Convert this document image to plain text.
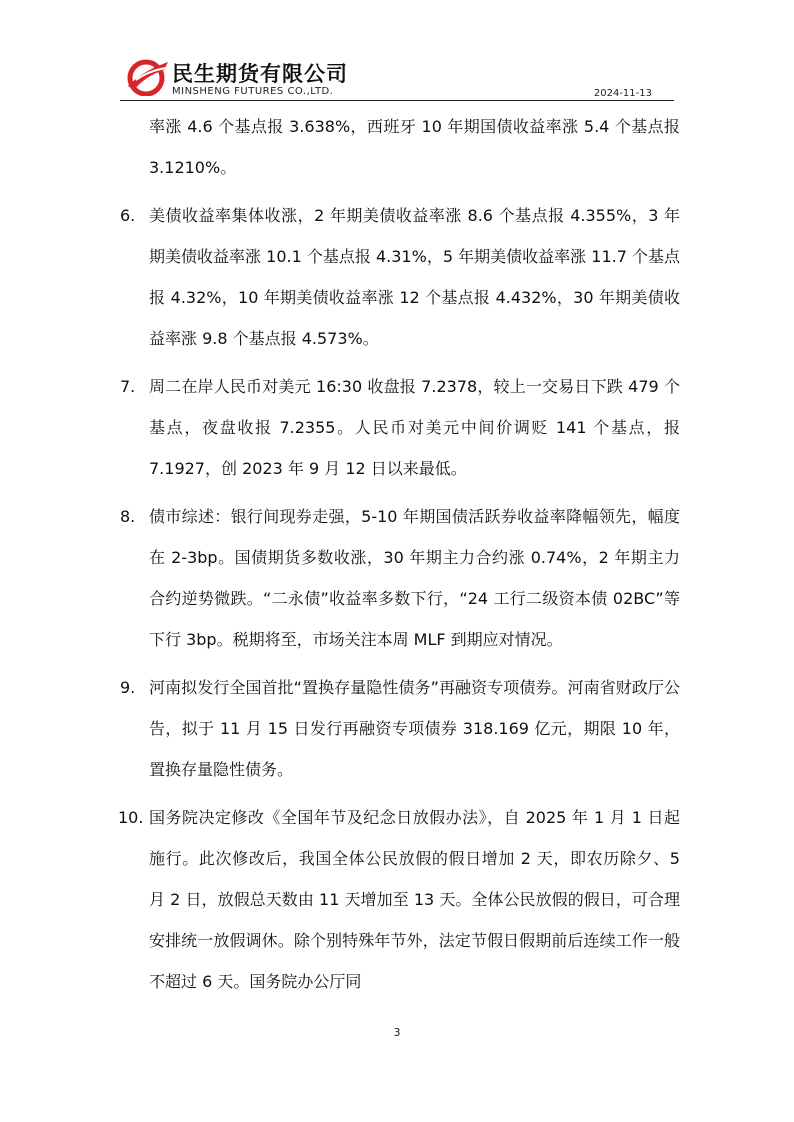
民生期货有限公司
MINSHENG FUTURES CO.,LTD.	2024-11-13

率涨 4.6 个基点报 3.638%，西班牙 10 年期国债收益率涨 5.4 个基点报 3.1210%。

6. 美债收益率集体收涨，2 年期美债收益率涨 8.6 个基点报 4.355%，3 年期美债收益率涨 10.1 个基点报 4.31%，5 年期美债收益率涨 11.7 个基点报 4.32%，10 年期美债收益率涨 12 个基点报 4.432%，30 年期美债收益率涨 9.8 个基点报 4.573%。

7. 周二在岸人民币对美元 16:30 收盘报 7.2378，较上一交易日下跌 479 个基点，夜盘收报 7.2355。人民币对美元中间价调贬 141 个基点，报 7.1927，创 2023 年 9 月 12 日以来最低。

8. 债市综述：银行间现券走强，5-10 年期国债活跃券收益率降幅领先，幅度在 2-3bp。国债期货多数收涨，30 年期主力合约涨 0.74%，2 年期主力合约逆势微跌。“二永债”收益率多数下行，“24 工行二级资本债 02BC”等下行 3bp。税期将至，市场关注本周 MLF 到期应对情况。

9. 河南拟发行全国首批“置换存量隐性债务”再融资专项债券。河南省财政厅公告，拟于 11 月 15 日发行再融资专项债券 318.169 亿元，期限 10 年，置换存量隐性债务。

10. 国务院决定修改《全国年节及纪念日放假办法》，自 2025 年 1 月 1 日起施行。此次修改后，我国全体公民放假的假日增加 2 天，即农历除夕、5 月 2 日，放假总天数由 11 天增加至 13 天。全体公民放假的假日，可合理安排统一放假调休。除个别特殊年节外，法定节假日假期前后连续工作一般不超过 6 天。国务院办公厅同

3
